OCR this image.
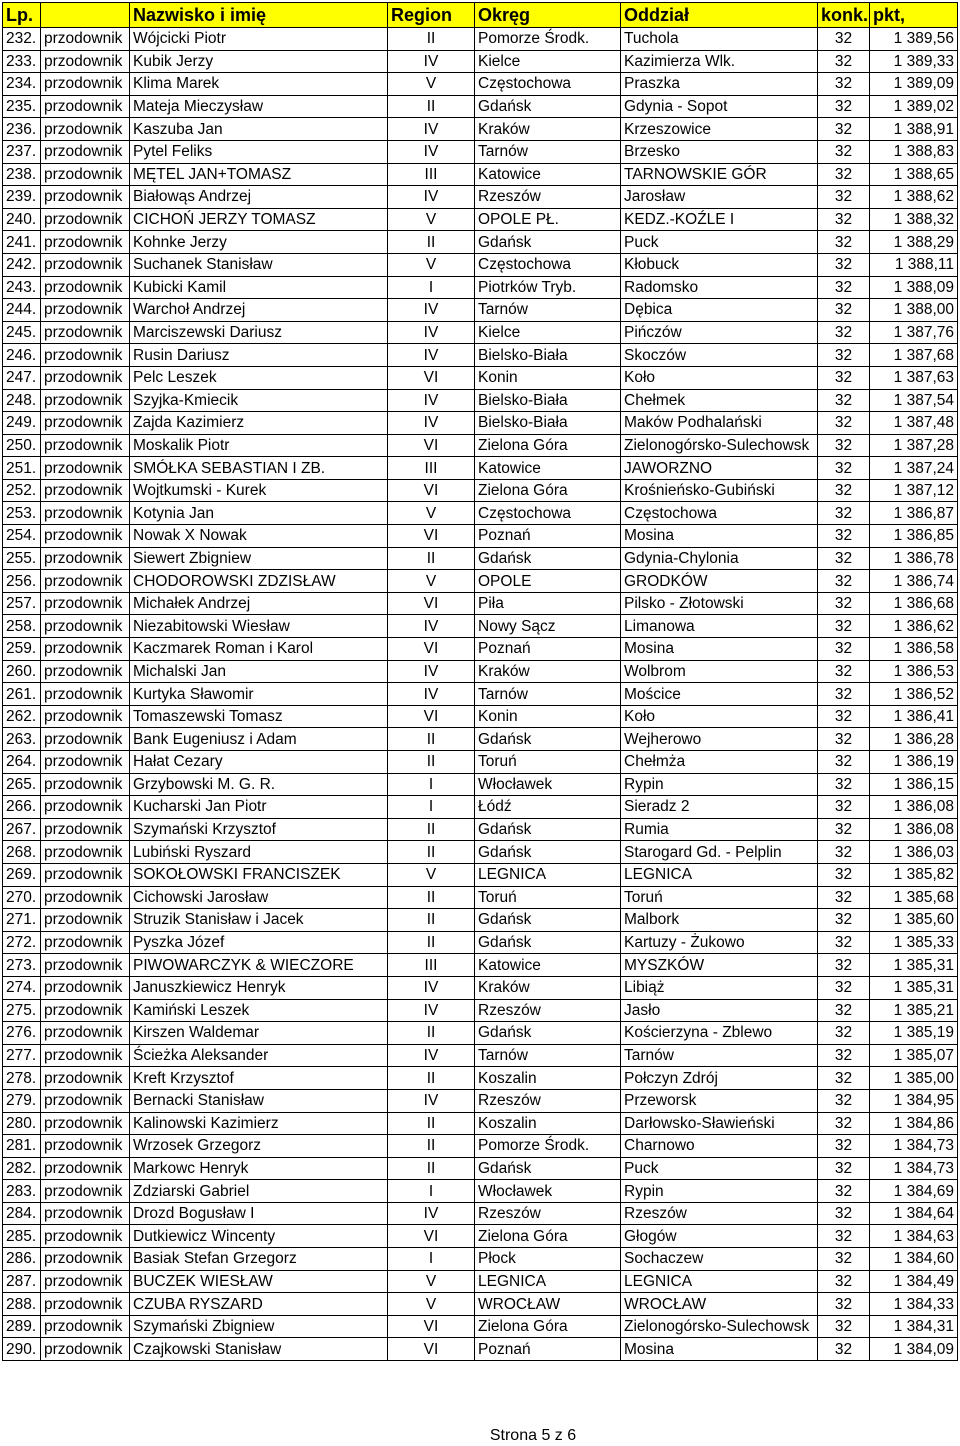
Lp.		Nazwisko i imię	Region	Okręg	Oddział	konk.	pkt,
232.	przodownik	Wójcicki Piotr	II	Pomorze Środk.	Tuchola	32	1 389,56
233.	przodownik	Kubik Jerzy	IV	Kielce	Kazimierza Wlk.	32	1 389,33
234.	przodownik	Klima Marek	V	Częstochowa	Praszka	32	1 389,09
235.	przodownik	Mateja Mieczysław	II	Gdańsk	Gdynia - Sopot	32	1 389,02
236.	przodownik	Kaszuba Jan	IV	Kraków	Krzeszowice	32	1 388,91
237.	przodownik	Pytel Feliks	IV	Tarnów	Brzesko	32	1 388,83
238.	przodownik	MĘTEL JAN+TOMASZ	III	Katowice	TARNOWSKIE GÓR	32	1 388,65
239.	przodownik	Białowąs Andrzej	IV	Rzeszów	Jarosław	32	1 388,62
240.	przodownik	CICHOŃ JERZY TOMASZ	V	OPOLE PŁ.	KEDZ.-KOŹLE I	32	1 388,32
241.	przodownik	Kohnke Jerzy	II	Gdańsk	Puck	32	1 388,29
242.	przodownik	Suchanek Stanisław	V	Częstochowa	Kłobuck	32	1 388,11
243.	przodownik	Kubicki Kamil	I	Piotrków Tryb.	Radomsko	32	1 388,09
244.	przodownik	Warchoł Andrzej	IV	Tarnów	Dębica	32	1 388,00
245.	przodownik	Marciszewski Dariusz	IV	Kielce	Pińczów	32	1 387,76
246.	przodownik	Rusin Dariusz	IV	Bielsko-Biała	Skoczów	32	1 387,68
247.	przodownik	Pelc Leszek	VI	Konin	Koło	32	1 387,63
248.	przodownik	Szyjka-Kmiecik	IV	Bielsko-Biała	Chełmek	32	1 387,54
249.	przodownik	Zajda Kazimierz	IV	Bielsko-Biała	Maków Podhalański	32	1 387,48
250.	przodownik	Moskalik Piotr	VI	Zielona Góra	Zielonogórsko-Sulechowsk	32	1 387,28
251.	przodownik	SMÓŁKA SEBASTIAN I ZB.	III	Katowice	JAWORZNO	32	1 387,24
252.	przodownik	Wojtkumski - Kurek	VI	Zielona Góra	Krośnieńsko-Gubiński	32	1 387,12
253.	przodownik	Kotynia Jan	V	Częstochowa	Częstochowa	32	1 386,87
254.	przodownik	Nowak X Nowak	VI	Poznań	Mosina	32	1 386,85
255.	przodownik	Siewert Zbigniew	II	Gdańsk	Gdynia-Chylonia	32	1 386,78
256.	przodownik	CHODOROWSKI ZDZISŁAW	V	OPOLE	GRODKÓW	32	1 386,74
257.	przodownik	Michałek Andrzej	VI	Piła	Pilsko - Złotowski	32	1 386,68
258.	przodownik	Niezabitowski Wiesław	IV	Nowy Sącz	Limanowa	32	1 386,62
259.	przodownik	Kaczmarek Roman i Karol	VI	Poznań	Mosina	32	1 386,58
260.	przodownik	Michalski Jan	IV	Kraków	Wolbrom	32	1 386,53
261.	przodownik	Kurtyka Sławomir	IV	Tarnów	Mościce	32	1 386,52
262.	przodownik	Tomaszewski Tomasz	VI	Konin	Koło	32	1 386,41
263.	przodownik	Bank Eugeniusz i Adam	II	Gdańsk	Wejherowo	32	1 386,28
264.	przodownik	Hałat Cezary	II	Toruń	Chełmża	32	1 386,19
265.	przodownik	Grzybowski M. G. R.	I	Włocławek	Rypin	32	1 386,15
266.	przodownik	Kucharski Jan Piotr	I	Łódź	Sieradz 2	32	1 386,08
267.	przodownik	Szymański Krzysztof	II	Gdańsk	Rumia	32	1 386,08
268.	przodownik	Lubiński Ryszard	II	Gdańsk	Starogard Gd. - Pelplin	32	1 386,03
269.	przodownik	SOKOŁOWSKI FRANCISZEK	V	LEGNICA	LEGNICA	32	1 385,82
270.	przodownik	Cichowski Jarosław	II	Toruń	Toruń	32	1 385,68
271.	przodownik	Struzik Stanisław i Jacek	II	Gdańsk	Malbork	32	1 385,60
272.	przodownik	Pyszka Józef	II	Gdańsk	Kartuzy - Żukowo	32	1 385,33
273.	przodownik	PIWOWARCZYK & WIECZORE	III	Katowice	MYSZKÓW	32	1 385,31
274.	przodownik	Januszkiewicz Henryk	IV	Kraków	Libiąż	32	1 385,31
275.	przodownik	Kamiński Leszek	IV	Rzeszów	Jasło	32	1 385,21
276.	przodownik	Kirszen Waldemar	II	Gdańsk	Kościerzyna - Zblewo	32	1 385,19
277.	przodownik	Ścieżka Aleksander	IV	Tarnów	Tarnów	32	1 385,07
278.	przodownik	Kreft Krzysztof	II	Koszalin	Połczyn Zdrój	32	1 385,00
279.	przodownik	Bernacki Stanisław	IV	Rzeszów	Przeworsk	32	1 384,95
280.	przodownik	Kalinowski Kazimierz	II	Koszalin	Darłowsko-Sławieński	32	1 384,86
281.	przodownik	Wrzosek Grzegorz	II	Pomorze Środk.	Charnowo	32	1 384,73
282.	przodownik	Markowc Henryk	II	Gdańsk	Puck	32	1 384,73
283.	przodownik	Zdziarski Gabriel	I	Włocławek	Rypin	32	1 384,69
284.	przodownik	Drozd Bogusław I	IV	Rzeszów	Rzeszów	32	1 384,64
285.	przodownik	Dutkiewicz Wincenty	VI	Zielona Góra	Głogów	32	1 384,63
286.	przodownik	Basiak Stefan Grzegorz	I	Płock	Sochaczew	32	1 384,60
287.	przodownik	BUCZEK WIESŁAW	V	LEGNICA	LEGNICA	32	1 384,49
288.	przodownik	CZUBA RYSZARD	V	WROCŁAW	WROCŁAW	32	1 384,33
289.	przodownik	Szymański Zbigniew	VI	Zielona Góra	Zielonogórsko-Sulechowsk	32	1 384,31
290.	przodownik	Czajkowski Stanisław	VI	Poznań	Mosina	32	1 384,09
Strona 5 z 6
